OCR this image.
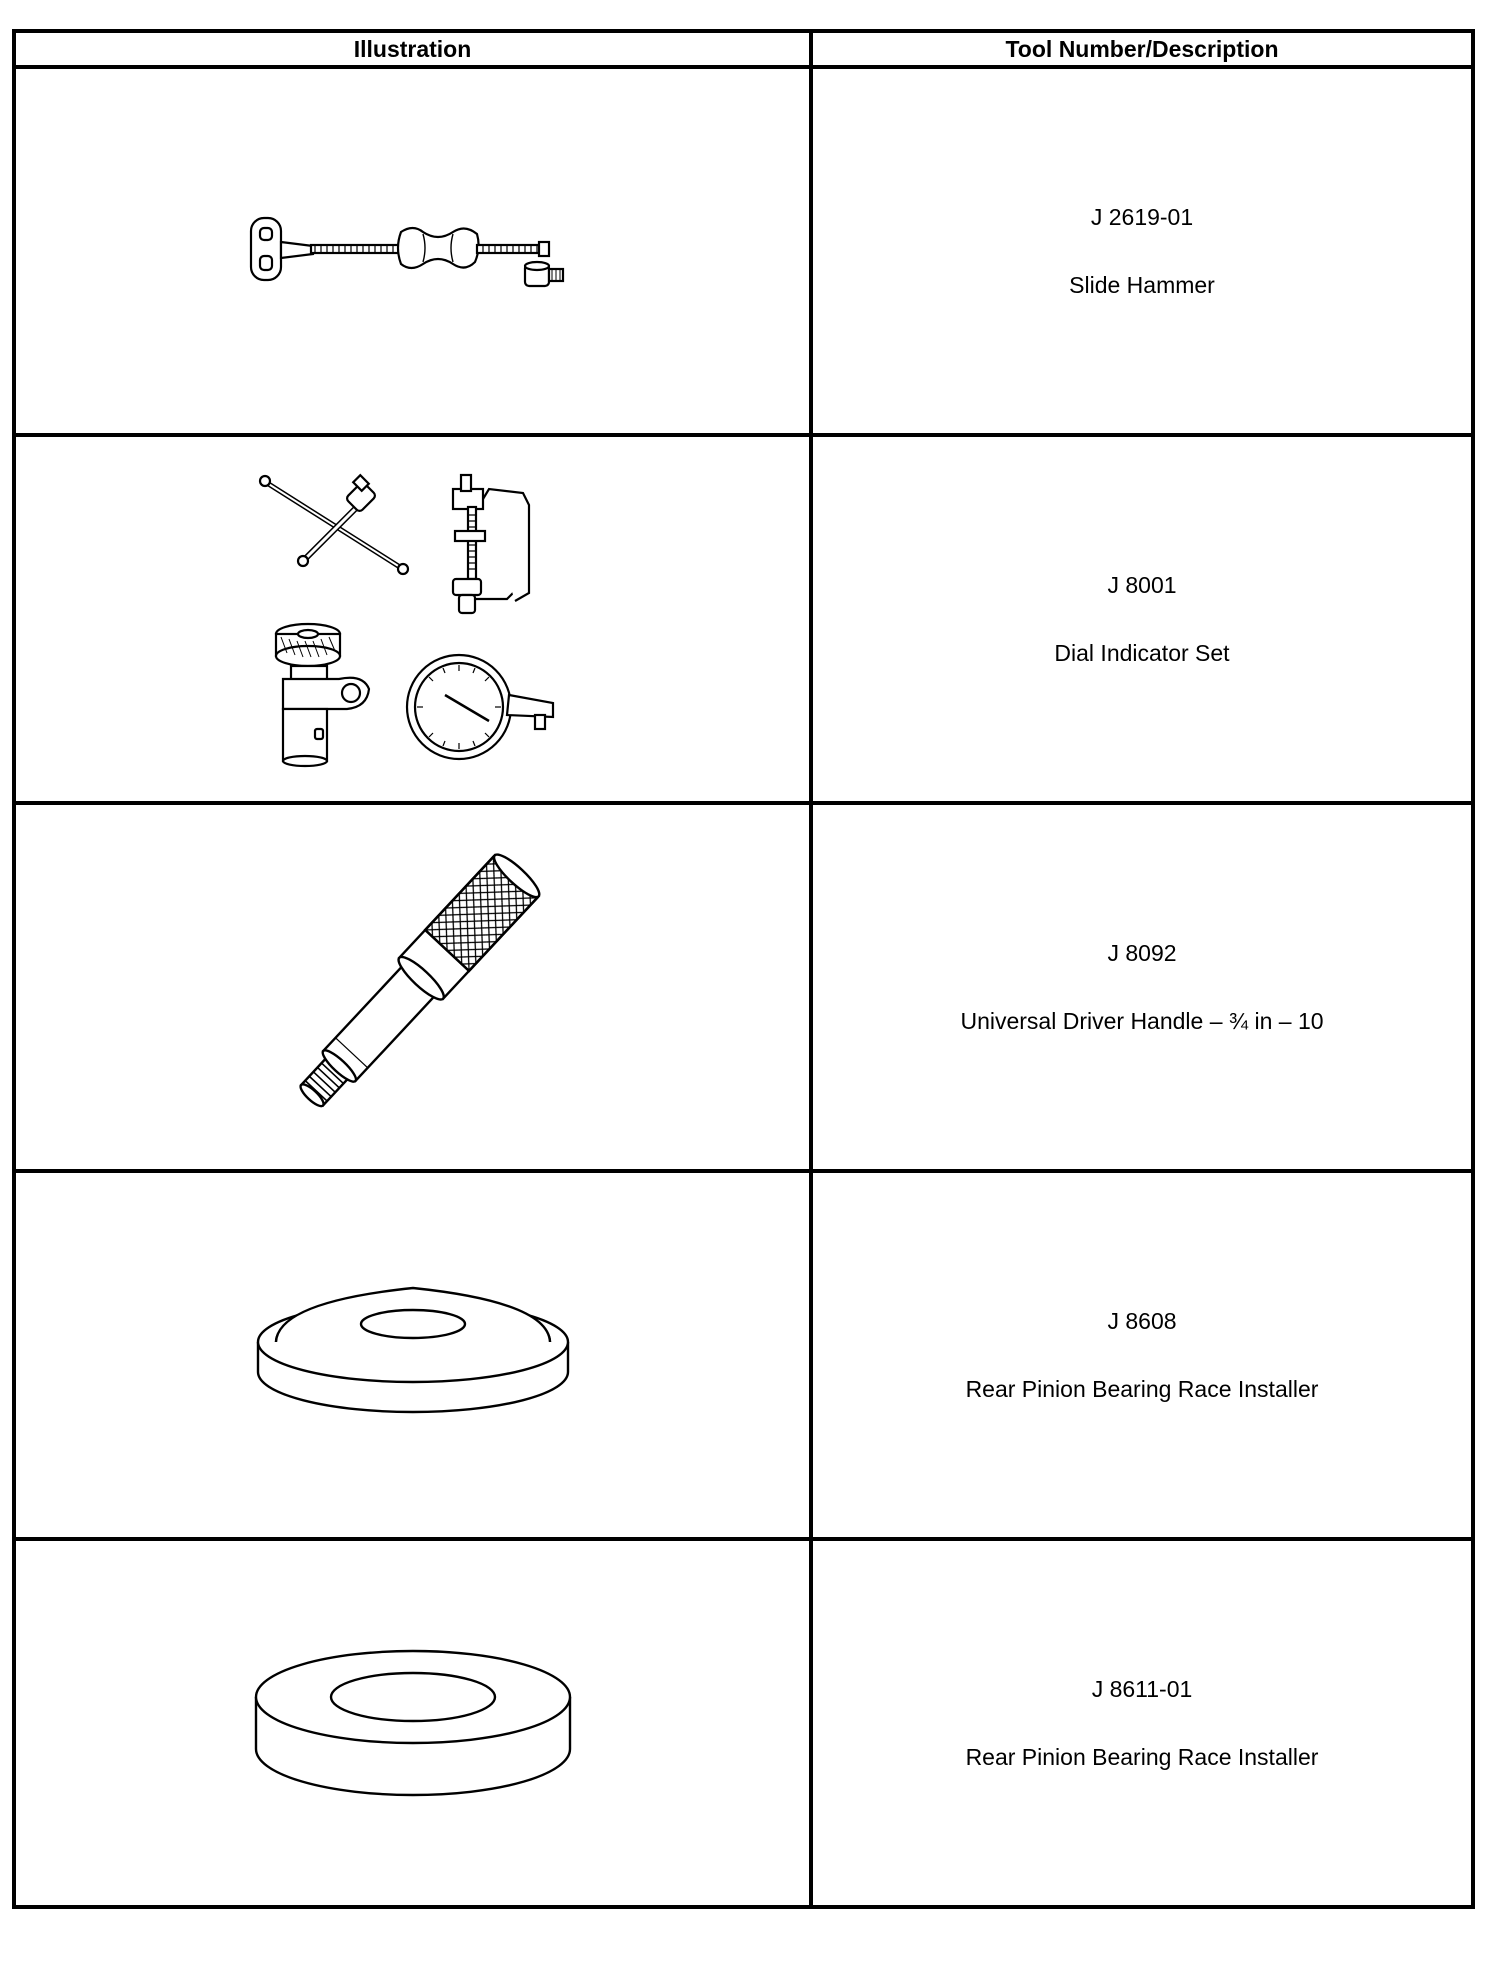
Illustration	Tool Number/Description

J 2619-01
Slide Hammer

J 8001
Dial Indicator Set

J 8092
Universal Driver Handle – ¾ in – 10

J 8608
Rear Pinion Bearing Race Installer

J 8611-01
Rear Pinion Bearing Race Installer
